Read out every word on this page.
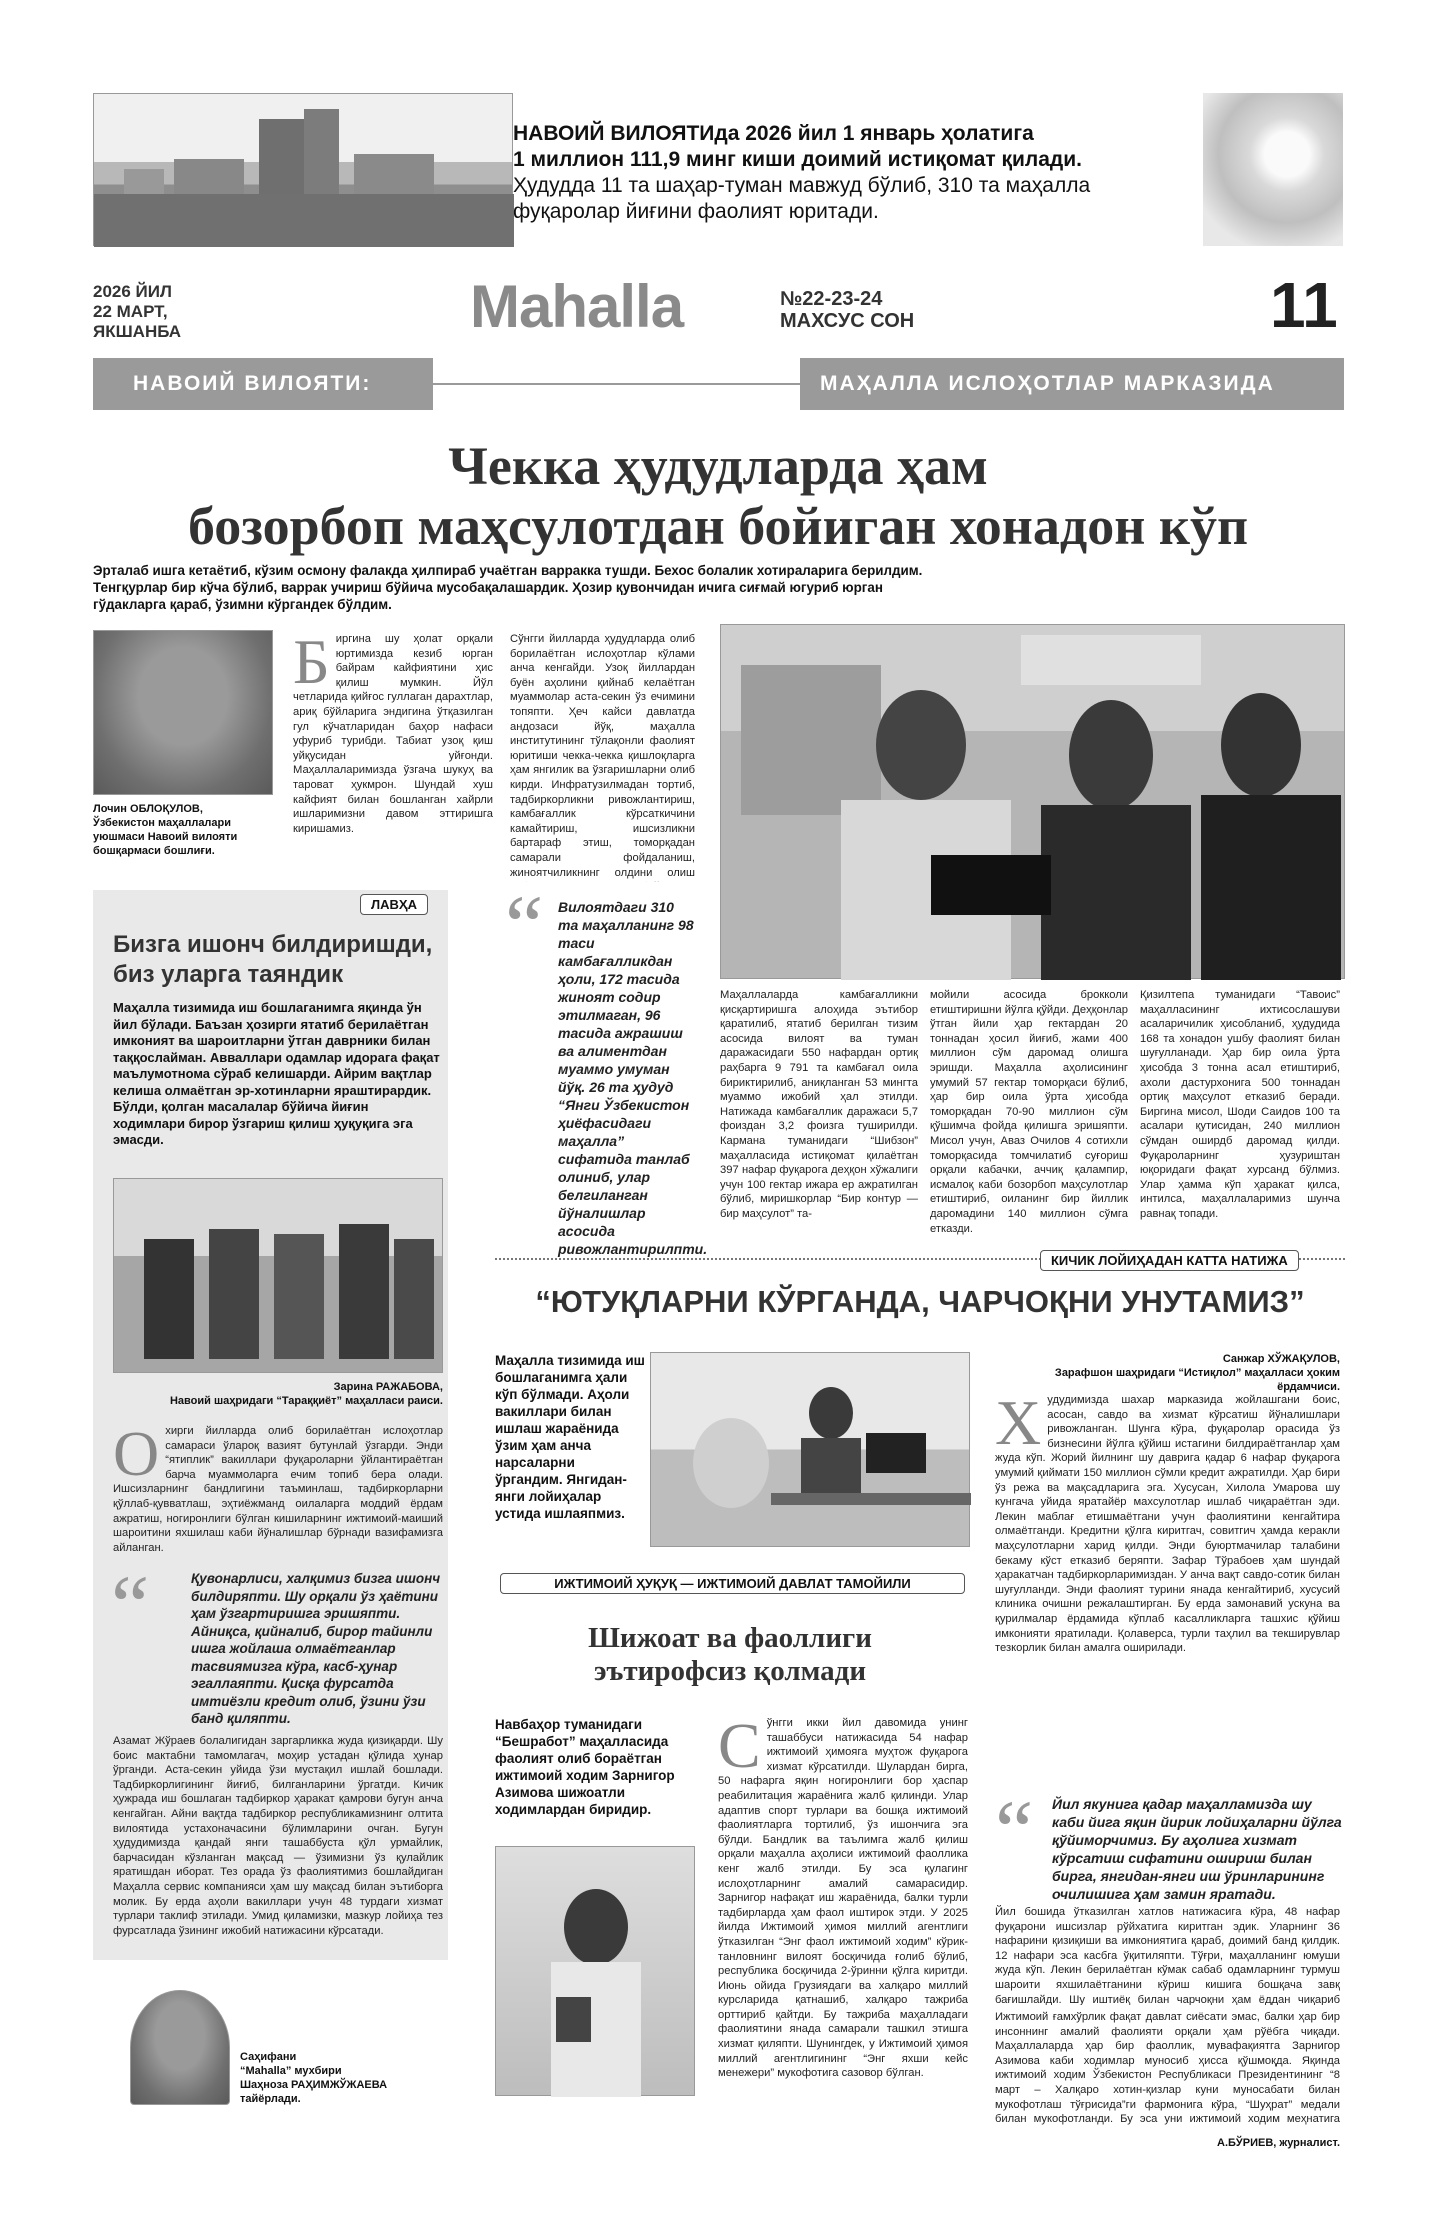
НАВОИЙ ВИЛОЯТИда 2026 йил 1 январь ҳолатига
1 миллион 111,9 минг киши доимий истиқомат қилади.
Ҳудудда 11 та шаҳар-туман мавжуд бўлиб, 310 та маҳалла
фуқаролар йиғини фаолият юритади.
2026 ЙИЛ
22 МАРТ,
ЯКШАНБА	Mahalla	№22-23-24
МАХСУС СОН	11
НАВОИЙ ВИЛОЯТИ:	МАҲАЛЛА ИСЛОҲОТЛАР МАРКАЗИДА
Чекка ҳудудларда ҳам
бозорбоп маҳсулотдан бойиган хонадон кўп
Эрталаб ишга кетаётиб, кўзим осмону фалакда ҳилпираб учаётган варракка тушди. Бехос болалик хотираларига берилдим. Тенгқурлар бир кўча бўлиб, варрак учириш бўйича мусобақалашардик. Ҳозир қувончидан ичига сиғмай югуриб юрган гўдакларга қараб, ўзимни кўргандек бўлдим.
Лочин ОБЛОҚУЛОВ,
Ўзбекистон маҳаллалари уюшмаси Навоий вилояти бошқармаси бошлиғи.
Биргина шу ҳолат орқали юртимизда кезиб юрган байрам кайфиятини ҳис қилиш мумкин. Йўл четларида қийғос гуллаган дарахтлар, ариқ бўйларига эндигина ўтқазилган гул кўчатларидан баҳор нафаси уфуриб турибди. Табиат узоқ қиш уйқусидан уйғонди. Маҳаллаларимизда ўзгача шукуҳ ва тароват ҳукмрон. Шундай хуш кайфият билан бошланган хайрли ишларимизни давом эттиришга киришамиз.
Сўнгги йилларда ҳудудларда олиб борилаётган ислоҳотлар кўлами анча кенгайди. Узоқ йиллардан буён аҳолини қийнаб келаётган муаммолар аста-секин ўз ечимини топяпти. Ҳеч кайси давлатда андозаси йўқ, маҳалла институтининг тўлақонли фаолият юритиши чекка-чекка қишлоқларга ҳам янгилик ва ўзгаришларни олиб кирди. Инфратузилмадан тортиб, тадбиркорликни ривожлантириш, камбағаллик кўрсаткичини камайтириш, ишсизликни бартараф этиш, томорқадан самарали фойдаланиш, жиноятчиликнинг олдини олиш
“ Вилоятдаги 310 та маҳалланинг 98 таси камбағалликдан ҳоли, 172 тасида жиноят содир этилмаган, 96 тасида ажрашиш ва алиментдан муаммо умуман йўқ. 26 та ҳудуд “Янги Ўзбекистон ҳиёфасидаги маҳалла” сифатида танлаб олиниб, улар белгиланган йўналишлар асосида ривожлантирилпти.
Маҳаллаларда камбағалликни қисқартиришга алоҳида эътибор қаратилиб, ятатиб берилган тизим асосида вилоят ва туман даражасидаги 550 нафардан ортиқ раҳбарга 9 791 та камбағал оила бириктирилиб, аниқланган 53 мингта муаммо ижобий ҳал этилди. Натижада камбағаллик даражаси 5,7 фоиздан 3,2 фоизга туширилди. Кармана туманидаги “Шибзон” маҳалласида истиқомат қилаётган 397 нафар фуқарога деҳқон хўжалиги учун 100 гектар ижара ер ажратилган бўлиб, миришкорлар “Бир контур — бир маҳсулот” та-
мойили асосида брокколи етиштиришни йўлга қўйди. Деҳқонлар ўтган йили ҳар гектардан 20 тоннадан ҳосил йиғиб, жами 400 миллион сўм даромад олишга эришди. Маҳалла аҳолисининг умумий 57 гектар томорқаси бўлиб, ҳар бир оила ўрта ҳисобда томорқадан 70-90 миллион сўм қўшимча фойда қилишга эришяпти. Мисол учун, Аваз Очилов 4 сотихли томорқасида томчилатиб суғориш орқали кабачки, аччиқ қалампир, исмалоқ каби бозорбоп маҳсулотлар етиштириб, оиланинг бир йиллик даромадини 140 миллион сўмга етказди.
Қизилтепа туманидаги “Тавоис” маҳалласининг ихтисослашуви асаларичилик ҳисобланиб, ҳудудида 168 та хонадон ушбу фаолият билан шуғулланади. Ҳар бир оила ўрта ҳисобда 3 тонна асал етиштириб, ахоли дастурхонига 500 тоннадан ортиқ маҳсулот етказиб беради. Биргина мисол, Шоди Саидов 100 та асалари қутисидан, 240 миллион сўмдан оширдб даромад қилди. Фуқароларнинг ҳузуриштан юқоридаги фақат хурсанд бўлмиз. Улар ҳамма кўп ҳаракат қилса, интилса, маҳаллаларимиз шунча равнақ топади.
ЛАВҲА
Бизга ишонч билдиришди,
биз уларга таяндик
Маҳалла тизимида иш бошлаганимга яқинда ўн йил бўлади. Баъзан ҳозирги ятатиб берилаётган имконият ва шароитларни ўтган даврники билан таққослайман. Авваллари одамлар идорага фақат маълумотнома сўраб келишарди. Айрим вақтлар келиша олмаётган эр-хотинларни яраштирардик. Бўлди, қолган масалалар бўйича йиғин ходимлари бирор ўзгариш қилиш ҳуқуқига эга эмасди.
Зарина РАЖАБОВА,
Навоий шаҳридаги “Тараққиёт” маҳалласи раиси.
Охирги йилларда олиб борилаётган ислоҳотлар самараси ўлароқ вазият бутунлай ўзгарди. Энди “ятиплик” вакиллари фуқароларни ўйлантираётган барча муаммоларга ечим топиб бера олади. Ишсизларнинг бандлигини таъминлаш, тадбиркорларни қўллаб-қувватлаш, эҳтиёжманд оилаларга моддий ёрдам ажратиш, ногиронлиги бўлган кишиларнинг ижтимоий-маиший шароитини яхшилаш каби йўналишлар бўрнади вазифамизга айланган.
“	Қувонарлиси, халқимиз бизга ишонч билдиряпти. Шу орқали ўз ҳаётини ҳам ўзгартиришга эришяпти. Айниқса, қийналиб, бирор тайинли ишга жойлаша олмаётганлар тасвиямизга кўра, касб-ҳунар эгаллаяпти. Қисқа фурсатда имтиёзли кредит олиб, ўзини ўзи банд қиляпти.
Азамат Жўраев болалигидан заргарликка жуда қизиқарди. Шу боис мактабни тамомлагач, моҳир устадан қўлида ҳунар ўрганди. Аста-секин уйида ўзи мустақил ишлай бошлади. Тадбиркорлигининг йиғиб, билганларини ўргатди. Кичик ҳужрада иш бошлаган тадбиркор ҳаракат қамрови бугун анча кенгайган. Айни вақтда тадбиркор республикамизнинг олтита вилоятида устахоначасини бўлимларини очган. Бугун ҳудудимизда қандай янги ташаббуста қўл урмайлик, барчасидан кўзланган мақсад — ўзимизни ўз қулайлик яратишдан иборат. Тез орада ўз фаолиятимиз бошлайдиган Маҳалла сервис компанияси ҳам шу мақсад билан эътиборга молик. Бу ерда аҳоли вакиллари учун 48 турдаги хизмат турлари таклиф этилади. Умид қиламизки, мазкур лойиҳа тез фурсатлада ўзининг ижобий натижасини кўрсатади.
Саҳифани
“Mahalla” мухбири
Шаҳноза РАҲИМЖЎЖАЕВА
тайёрлади.
КИЧИК ЛОЙИҲАДАН КАТТА НАТИЖА
“ЮТУҚЛАРНИ КЎРГАНДА, ЧАРЧОҚНИ УНУТАМИЗ”
Маҳалла тизимида иш бошлаганимга ҳали кўп бўлмади. Аҳоли вакиллари билан ишлаш жараёнида ўзим ҳам анча нарсаларни ўргандим. Янгидан-янги лойиҳалар устида ишлаяпмиз.
Санжар ХЎЖАҚУЛОВ,
Зарафшон шаҳридаги “Истиқлол” маҳалласи ҳоким ёрдамчиси.
Худудимизда шахар марказида жойлашгани боис, асосан, савдо ва хизмат кўрсатиш йўналишлари ривожланган. Шунга кўра, фуқаролар орасида ўз бизнесини йўлга қўйиш истагини билдираётганлар ҳам жуда кўп. Жорий йилнинг шу даврига қадар 6 нафар фуқарога умумий қиймати 150 миллион сўмли кредит ажратилди. Ҳар бири ўз режа ва мақсадларига эга. Хусусан, Хилола Умарова шу кунгача уйида яратайёр махсулотлар ишлаб чиқараётган эди. Лекин маблағ етишмаётгани учун фаолиятини кенгайтира олмаётганди. Кредитни қўлга киритгач, совитгич ҳамда керакли маҳсулотларни харид қилди. Энди буюртмачилар талабини бекаму кўст етказиб беряпти. Зафар Тўрабоев ҳам шундай ҳаракатчан тадбиркорларимиздан. У анча вақт савдо-сотик билан шуғулланди. Энди фаолият турини янада кенгайтириб, хусусий клиника очишни режалаштирган. Бу ерда замонавий ускуна ва қурилмалар ёрдамида кўплаб касалликларга ташхис қўйиш имконияти яратилади. Қолаверса, турли таҳлил ва текширувлар тезкорлик билан амалга оширилади.
“ Йил якунига қадар маҳалламизда шу каби йига яқин йирик лойиҳаларни йўлга қўйиморчимиз. Бу аҳолига хизмат кўрсатиш сифатини ошириш билан бирга, янгидан-янги иш ўринларининг очилишига ҳам замин яратади.
Йил бошида ўтказилган хатлов натижасига кўра, 48 нафар фуқарони ишсизлар рўйхатига киритган эдик. Уларнинг 36 нафарини қизиқиши ва имкониятига қараб, доимий банд қилдик. 12 нафари эса касбга ўқитиляпти. Тўғри, маҳалланинг юмуши жуда кўп. Лекин берилаётган кўмак сабаб одамларнинг турмуш шароити яхшилаётганини кўриш кишига бошқача завқ бағишлайди. Шу иштиёқ билан чарчоқни ҳам ёддан чиқариб
ИЖТИМОИЙ ҲУҚУҚ — ИЖТИМОИЙ ДАВЛАТ ТАМОЙИЛИ
Шижоат ва фаоллиги
эътирофсиз қолмади
Навбаҳор туманидаги “Бешработ” маҳалласида фаолият олиб бораётган ижтимоий ходим Зарнигор Азимова шижоатли ходимлардан биридир.
Сўнгги икки йил давомида унинг ташаббуси натижасида 54 нафар ижтимоий ҳимояга муҳтож фуқарога хизмат кўрсатилди. Шулардан бирга, 50 нафарга яқин ногиронлиги бор ҳаспар реабилитация жараёнига жалб қилинди. Улар адаптив спорт турлари ва бошқа ижтимоий фаолиятларга тортилиб, ўз ишончига эга бўлди. Бандлик ва таълимга жалб қилиш орқали маҳалла аҳолиси ижтимоий фаоллика кенг жалб этилди. Бу эса қулагинг ислоҳотларнинг амалий самарасидир. Зарнигор нафақат иш жараёнида, балки турли тадбирларда ҳам фаол иштирок этди. У 2025 йилда Ижтимоий ҳимоя миллий агентлиги ўтказилган “Энг фаол ижтимоий ходим” кўрик-танловнинг вилоят босқичида ғолиб бўлиб, республика босқичида 2-ўринни қўлга киритди. Июнь ойида Грузиядаги ва халқаро миллий курсларида қатнашиб, халқаро тажриба орттириб қайтди. Бу тажриба маҳалладаги фаолиятини янада самарали ташкил этишга хизмат қиляпти. Шунингдек, у Ижтимоий ҳимоя миллий агентлигининг “Энг яхши кейс менежери” мукофотига сазовор бўлган.
Ижтимоий ғамхўрлик фақат давлат сиёсати эмас, балки ҳар бир инсоннинг амалий фаолияти орқали ҳам рўёбга чиқади. Маҳаллаларда ҳар бир фаоллик, мувафақиятга Зарнигор Азимова каби ходимлар муносиб ҳисса қўшмоқда. Яқинда ижтимоий ходим Ўзбекистон Республикаси Президентининг “8 март – Халқаро хотин-қизлар куни муносабати билан мукофотлаш тўғрисида”ги фармонига кўра, “Шуҳрат” медали билан мукофотланди. Бу эса уни ижтимоий ходим меҳнатига
А.БЎРИЕВ, журналист.
